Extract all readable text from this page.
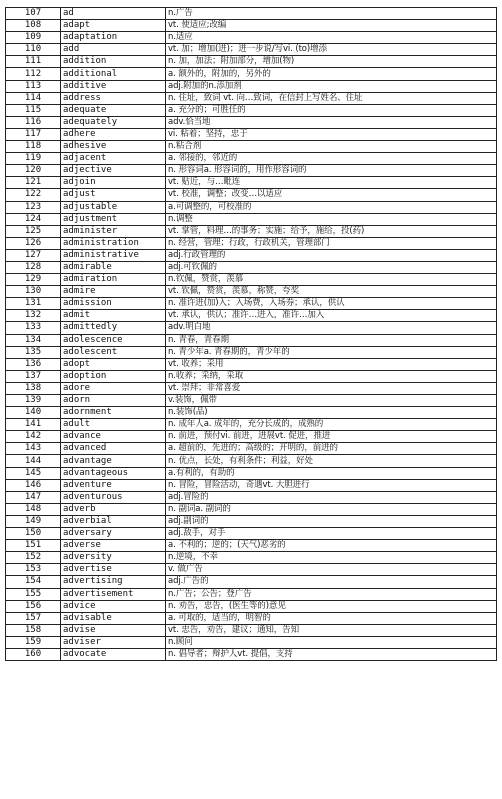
107	ad	n.广告
108	adapt	vt. 使适应;改编
109	adaptation	n.适应
110	add	vt. 加；增加(进)；进一步说/写vi. (to)增添
111	addition	n. 加，加法；附加部分，增加(物)
112	additional	a. 额外的，附加的，另外的
113	additive	adj.附加的n.添加剂
114	address	n. 住址，致词 vt. 向…致词，在信封上写姓名、住址
115	adequate	a. 充分的；可胜任的
116	adequately	adv.恰当地
117	adhere	vi. 粘着；坚持，忠于
118	adhesive	n.粘合剂
119	adjacent	a. 邻接的，邻近的
120	adjective	n. 形容词a. 形容词的，用作形容词的
121	adjoin	vt. 贴近，与…毗连
122	adjust	vt. 校准，调整；改变…以适应
123	adjustable	a.可调整的，可校准的
124	adjustment	n.调整
125	administer	vt. 掌管，料理…的事务；实施；给予，施给，投(药)
126	administration	n. 经营，管理；行政，行政机关，管理部门
127	administrative	adj.行政管理的
128	admirable	adj.可钦佩的
129	admiration	n.钦佩，赞赏，羡慕
130	admire	vt. 钦佩，赞赏，羡慕，称赞，夸奖
131	admission	n. 准许进(加)入；入场费，入场券；承认，供认
132	admit	vt. 承认，供认；准许…进入，准许…加入
133	admittedly	adv.明白地
134	adolescence	n. 青春，青春期
135	adolescent	n. 青少年a. 青春期的，青少年的
136	adopt	vt. 收养；采用
137	adoption	n.收养；采纳，采取
138	adore	vt. 崇拜；非常喜爱
139	adorn	v.装饰，佩带
140	adornment	n.装饰(品)
141	adult	n. 成年人a. 成年的，充分长成的，成熟的
142	advance	n. 前进，预付vi. 前进，进展vt. 促进，推进
143	advanced	a. 超前的，先进的；高级的；开明的，前进的
144	advantage	n. 优点，长处，有利条件；利益，好处
145	advantageous	a.有利的，有助的
146	adventure	n. 冒险，冒险活动，奇遇vt. 大胆进行
147	adventurous	adj.冒险的
148	adverb	n. 副词a. 副词的
149	adverbial	adj.副词的
150	adversary	adj.敌手，对手
151	adverse	a. 不利的；逆的；(天气)恶劣的
152	adversity	n.逆境，不幸
153	advertise	v. 做广告
154	advertising	adj.广告的
155	advertisement	n.广告；公告；登广告
156	advice	n. 劝告，忠告，(医生等的)意见
157	advisable	a. 可取的，适当的，明智的
158	advise	vt. 忠告，劝告，建议；通知，告知
159	adviser	n.顾问
160	advocate	n. 倡导者；辩护人vt. 提倡，支持
